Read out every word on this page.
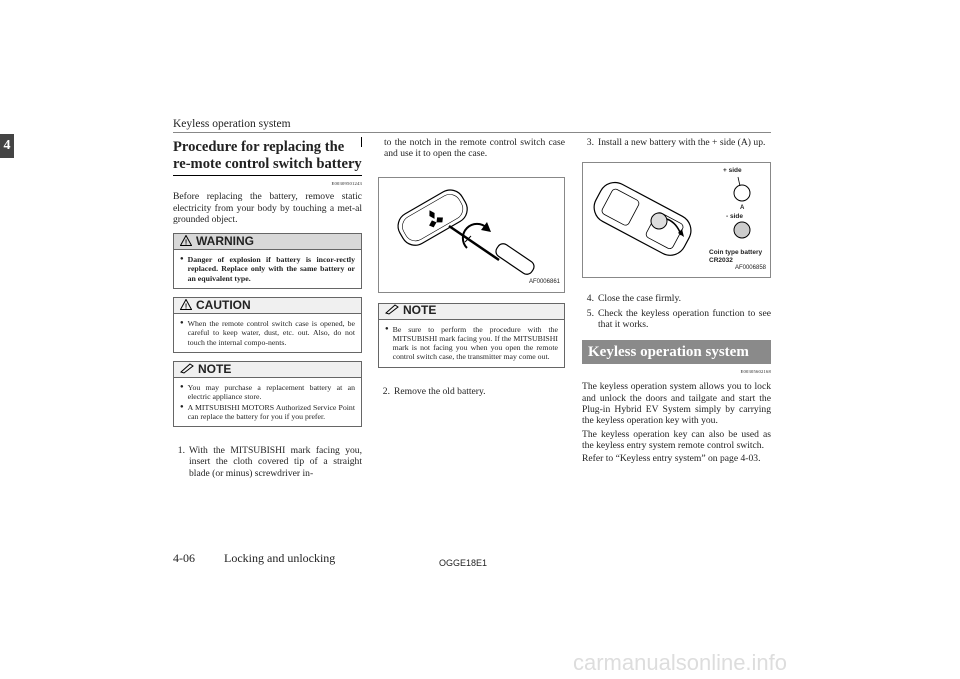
Keyless operation system
4	Procedure for replacing the re-mote control switch battery
E00309501243
Before replacing the battery, remove static electricity from your body by touching a met-al grounded object.
! WARNING
● Danger of explosion if battery is incor-rectly replaced. Replace only with the same battery or an equivalent type.
! CAUTION
● When the remote control switch case is opened, be careful to keep water, dust, etc. out. Also, do not touch the internal compo-nents.
NOTE
● You may purchase a replacement battery at an electric appliance store.
● A MITSUBISHI MOTORS Authorized Service Point can replace the battery for you if you prefer.
1. With the MITSUBISHI mark facing you, insert the cloth covered tip of a straight blade (or minus) screwdriver in-
to the notch in the remote control switch case and use it to open the case.
AF0006861
NOTE
● Be sure to perform the procedure with the MITSUBISHI mark facing you. If the MITSUBISHI mark is not facing you when you open the remote control switch case, the transmitter may come out.
2. Remove the old battery.
3. Install a new battery with the + side (A) up.
+ side
A
- side
Coin type battery
CR2032
AF0006858
4. Close the case firmly.
5. Check the keyless operation function to see that it works.
Keyless operation system
E00305602168
The keyless operation system allows you to lock and unlock the doors and tailgate and start the Plug-in Hybrid EV System simply by carrying the keyless operation key with you.
The keyless operation key can also be used as the keyless entry system remote control switch.
Refer to “Keyless entry system” on page 4-03.
4-06 Locking and unlocking	OGGE18E1
carmanualsonline.info
